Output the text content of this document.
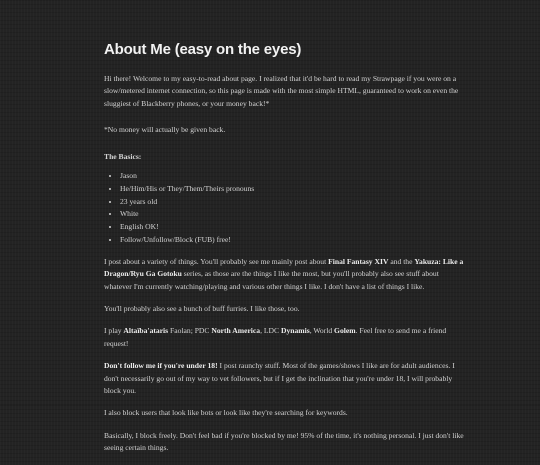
About Me (easy on the eyes)

Hi there! Welcome to my easy-to-read about page. I realized that it'd be hard to read my Strawpage if you were on a slow/metered internet connection, so this page is made with the most simple HTML, guaranteed to work on even the sluggiest of Blackberry phones, or your money back!*

*No money will actually be given back.

The Basics:

• Jason
• He/Him/His or They/Them/Theirs pronouns
• 23 years old
• White
• English OK!
• Follow/Unfollow/Block (FUB) free!

I post about a variety of things. You'll probably see me mainly post about Final Fantasy XIV and the Yakuza: Like a Dragon/Ryu Ga Gotoku series, as those are the things I like the most, but you'll probably also see stuff about whatever I'm currently watching/playing and various other things I like. I don't have a list of things I like.

You'll probably also see a bunch of buff furries. I like those, too.

I play Altaïba'ataris Faolan; PDC North America, LDC Dynamis, World Golem. Feel free to send me a friend request!

Don't follow me if you're under 18! I post raunchy stuff. Most of the games/shows I like are for adult audiences. I don't necessarily go out of my way to vet followers, but if I get the inclination that you're under 18, I will probably block you.

I also block users that look like bots or look like they're searching for keywords.

Basically, I block freely. Don't feel bad if you're blocked by me! 95% of the time, it's nothing personal. I just don't like seeing certain things.
